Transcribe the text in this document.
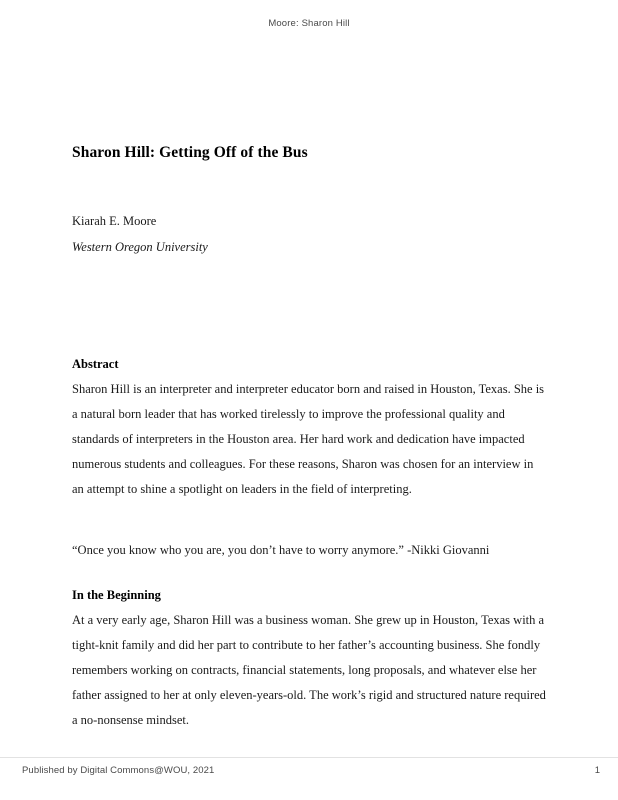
Moore: Sharon Hill
Sharon Hill: Getting Off of the Bus
Kiarah E. Moore
Western Oregon University
Abstract
Sharon Hill is an interpreter and interpreter educator born and raised in Houston, Texas. She is a natural born leader that has worked tirelessly to improve the professional quality and standards of interpreters in the Houston area. Her hard work and dedication have impacted numerous students and colleagues. For these reasons, Sharon was chosen for an interview in an attempt to shine a spotlight on leaders in the field of interpreting.
“Once you know who you are, you don’t have to worry anymore.” -Nikki Giovanni
In the Beginning
At a very early age, Sharon Hill was a business woman. She grew up in Houston, Texas with a tight-knit family and did her part to contribute to her father’s accounting business. She fondly remembers working on contracts, financial statements, long proposals, and whatever else her father assigned to her at only eleven-years-old. The work’s rigid and structured nature required a no-nonsense mindset.
Published by Digital Commons@WOU, 2021	1
